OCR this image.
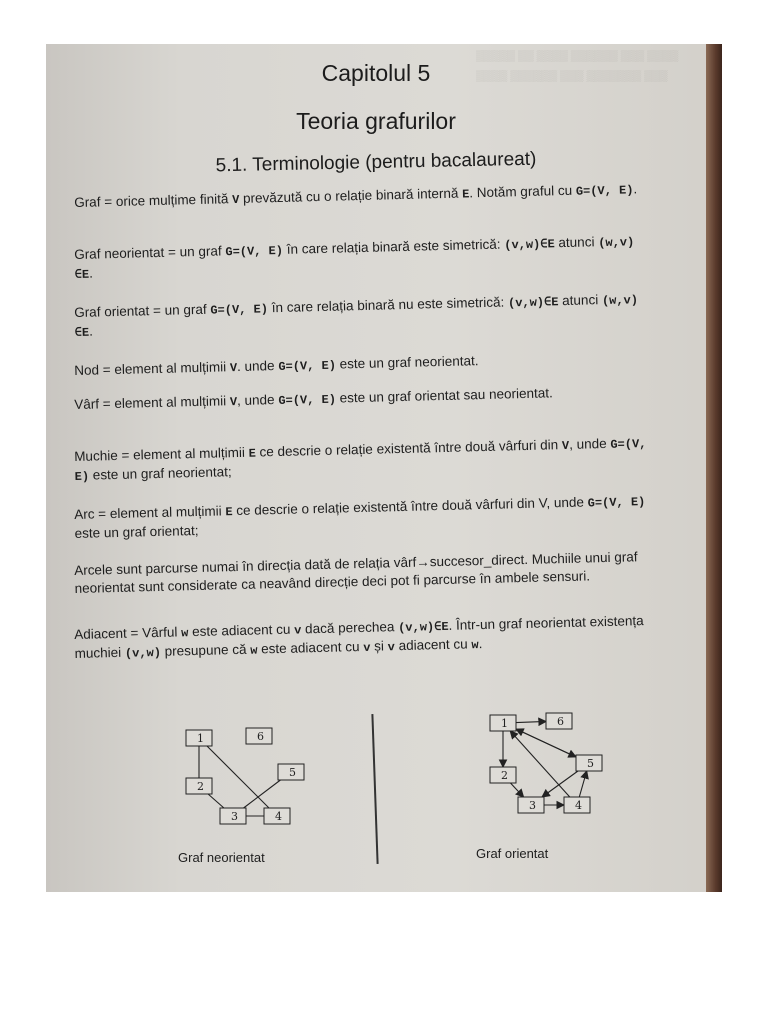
▒▒▒▒▒ ▒▒ ▒▒▒▒ ▒▒▒▒▒▒ ▒▒▒ ▒▒▒▒
▒▒▒▒ ▒▒▒▒▒▒ ▒▒▒ ▒▒▒▒▒▒▒ ▒▒▒
Capitolul 5
Teoria grafurilor
5.1. Terminologie (pentru bacalaureat)
Graf = orice mulțime finită V prevăzută cu o relație binară internă E. Notăm graful cu G=(V, E).
Graf neorientat = un graf G=(V, E) în care relația binară este simetrică: (v,w)∈E atunci (w,v) ∈E.
Graf orientat = un graf G=(V, E) în care relația binară nu este simetrică: (v,w)∈E atunci (w,v) ∈E.
Nod = element al mulțimii V. unde G=(V, E) este un graf neorientat.
Vârf = element al mulțimii V, unde G=(V, E) este un graf orientat sau neorientat.
Muchie = element al mulțimii E ce descrie o relație existentă între două vârfuri din V, unde G=(V, E) este un graf neorientat;
Arc = element al mulțimii E ce descrie o relație existentă între două vârfuri din V, unde G=(V, E) este un graf orientat;
Arcele sunt parcurse numai în direcția dată de relația vârf→succesor_direct. Muchiile unui graf neorientat sunt considerate ca neavând direcție deci pot fi parcurse în ambele sensuri.
Adiacent = Vârful w este adiacent cu v dacă perechea (v,w)∈E. Într-un graf neorientat existența muchiei (v,w) presupune că w este adiacent cu v și v adiacent cu w.
1
2
3	4
5
6
Graf neorientat
1
2
3	4
5
6
Graf orientat
